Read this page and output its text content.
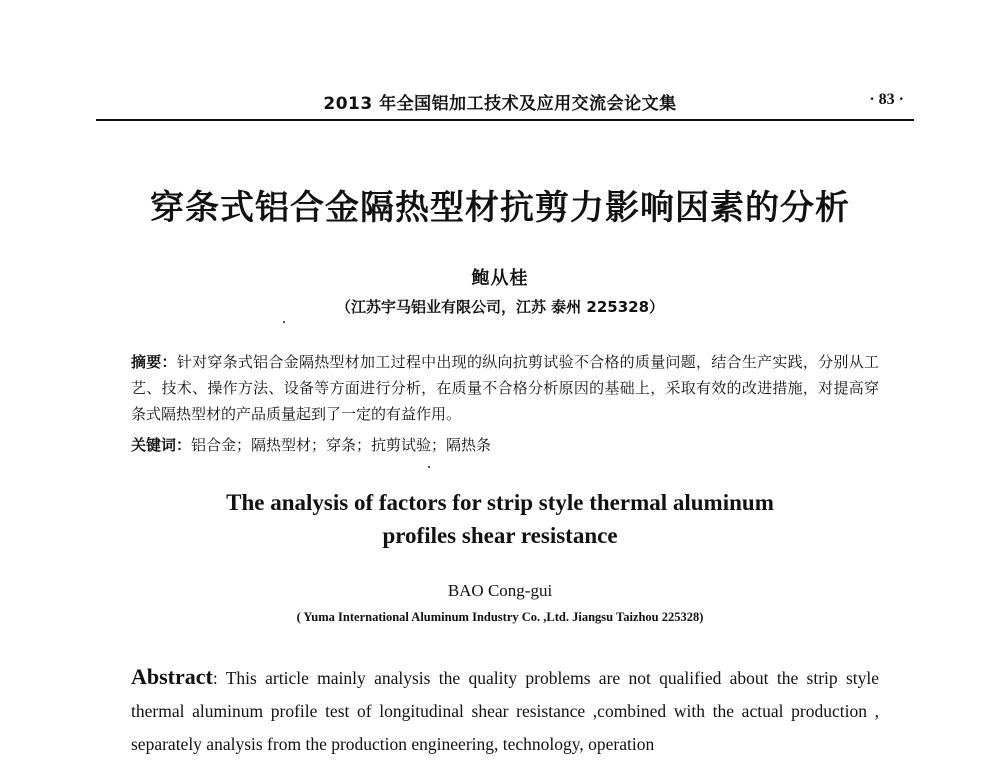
2013 年全国铝加工技术及应用交流会论文集	· 83 ·
穿条式铝合金隔热型材抗剪力影响因素的分析
鲍从桂
（江苏宇马铝业有限公司，江苏 泰州 225328）
摘要：针对穿条式铝合金隔热型材加工过程中出现的纵向抗剪试验不合格的质量问题，结合生产实践，分别从工艺、技术、操作方法、设备等方面进行分析，在质量不合格分析原因的基础上，采取有效的改进措施，对提高穿条式隔热型材的产品质量起到了一定的有益作用。
关键词：铝合金；隔热型材；穿条；抗剪试验；隔热条
The analysis of factors for strip style thermal aluminum
profiles shear resistance
BAO Cong-gui
( Yuma International Aluminum Industry Co. ,Ltd. Jiangsu Taizhou 225328)
Abstract: This article mainly analysis the quality problems are not qualified about the strip style thermal aluminum profile test of longitudinal shear resistance ,combined with the actual production , separately analysis from the production engineering, technology, operation
